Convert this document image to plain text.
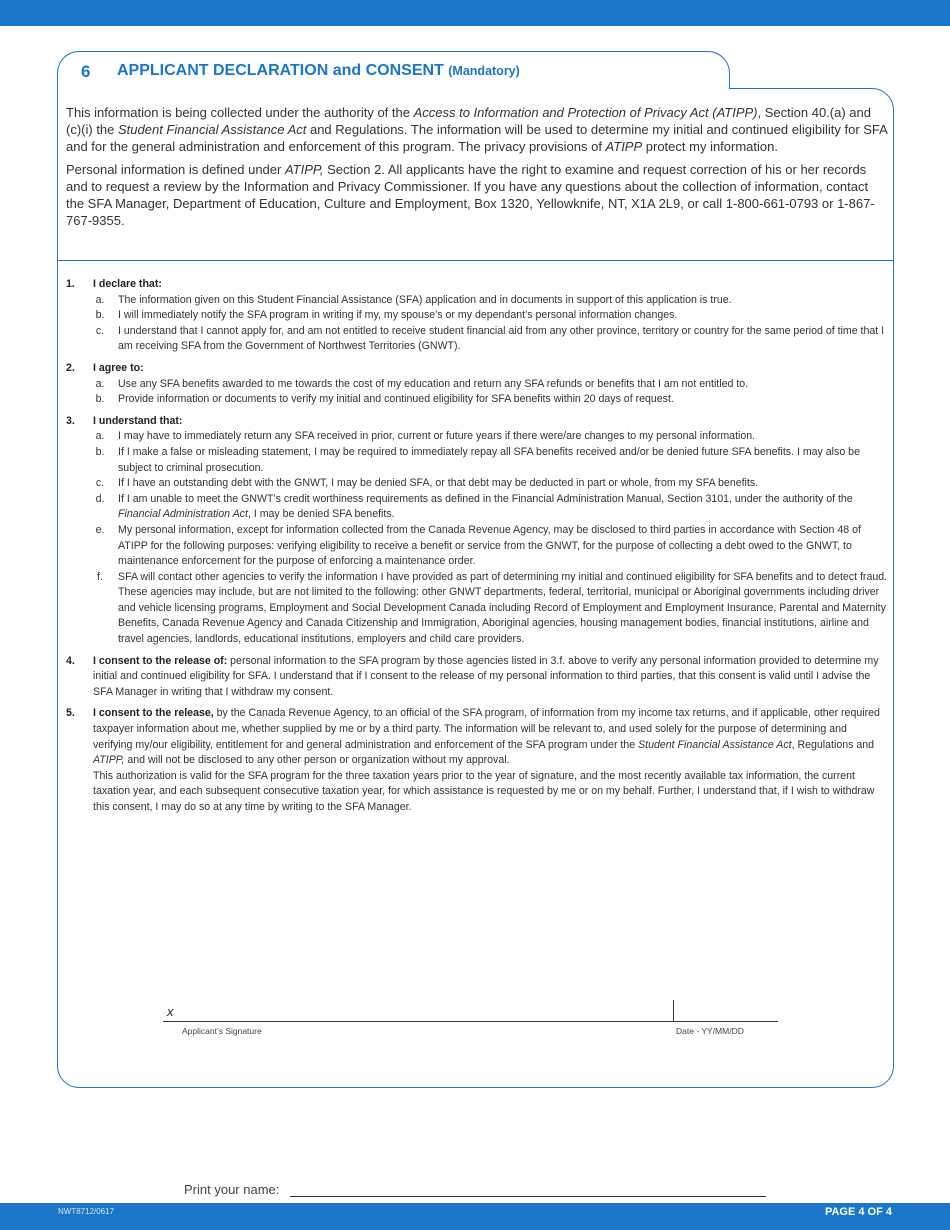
6 APPLICANT DECLARATION and CONSENT (Mandatory)

This information is being collected under the authority of the Access to Information and Protection of Privacy Act (ATIPP), Section 40.(a) and (c)(i) the Student Financial Assistance Act and Regulations. The information will be used to determine my initial and continued eligibility for SFA and for the general administration and enforcement of this program. The privacy provisions of ATIPP protect my information.

Personal information is defined under ATIPP, Section 2. All applicants have the right to examine and request correction of his or her records and to request a review by the Information and Privacy Commissioner. If you have any questions about the collection of information, contact the SFA Manager, Department of Education, Culture and Employment, Box 1320, Yellowknife, NT, X1A 2L9, or call 1-800-661-0793 or 1-867-767-9355.

1. I declare that:
a. The information given on this Student Financial Assistance (SFA) application and in documents in support of this application is true.
b. I will immediately notify the SFA program in writing if my, my spouse’s or my dependant’s personal information changes.
c. I understand that I cannot apply for, and am not entitled to receive student financial aid from any other province, territory or country for the same period of time that I am receiving SFA from the Government of Northwest Territories (GNWT).
2. I agree to:
a. Use any SFA benefits awarded to me towards the cost of my education and return any SFA refunds or benefits that I am not entitled to.
b. Provide information or documents to verify my initial and continued eligibility for SFA benefits within 20 days of request.
3. I understand that:
a. I may have to immediately return any SFA received in prior, current or future years if there were/are changes to my personal information.
b. If I make a false or misleading statement, I may be required to immediately repay all SFA benefits received and/or be denied future SFA benefits. I may also be subject to criminal prosecution.
c. If I have an outstanding debt with the GNWT, I may be denied SFA, or that debt may be deducted in part or whole, from my SFA benefits.
d. If I am unable to meet the GNWT’s credit worthiness requirements as defined in the Financial Administration Manual, Section 3101, under the authority of the Financial Administration Act, I may be denied SFA benefits.
e. My personal information, except for information collected from the Canada Revenue Agency, may be disclosed to third parties in accordance with Section 48 of ATIPP for the following purposes: verifying eligibility to receive a benefit or service from the GNWT, for the purpose of collecting a debt owed to the GNWT, to maintenance enforcement for the purpose of enforcing a maintenance order.
f.	SFA will contact other agencies to verify the information I have provided as part of determining my initial and continued eligibility for SFA benefits and to detect fraud. These agencies may include, but are not limited to the following: other GNWT departments, federal, territorial, municipal or Aboriginal governments including driver and vehicle licensing programs, Employment and Social Development Canada including Record of Employment and Employment Insurance, Parental and Maternity Benefits, Canada Revenue Agency and Canada Citizenship and Immigration, Aboriginal agencies, housing management bodies, financial institutions, airline and travel agencies, landlords, educational institutions, employers and child care providers.
4. I consent to the release of: personal information to the SFA program by those agencies listed in 3.f. above to verify any personal information provided to determine my initial and continued eligibility for SFA. I understand that if I consent to the release of my personal information to third parties, that this consent is valid until I advise the SFA Manager in writing that I withdraw my consent.
5. I consent to the release, by the Canada Revenue Agency, to an official of the SFA program, of information from my income tax returns, and if applicable, other required taxpayer information about me, whether supplied by me or by a third party. The information will be relevant to, and used solely for the purpose of determining and verifying my/our eligibility, entitlement for and general administration and enforcement of the SFA program under the Student Financial Assistance Act, Regulations and ATIPP, and will not be disclosed to any other person or organization without my approval.
This authorization is valid for the SFA program for the three taxation years prior to the year of signature, and the most recently available tax information, the current taxation year, and each subsequent consecutive taxation year, for which assistance is requested by me or on my behalf. Further, I understand that, if I wish to withdraw this consent, I may do so at any time by writing to the SFA Manager.
x
Applicant’s Signature	Date - YY/MM/DD
Print your name:
NWT8712/0617	PAGE 4 OF 4
